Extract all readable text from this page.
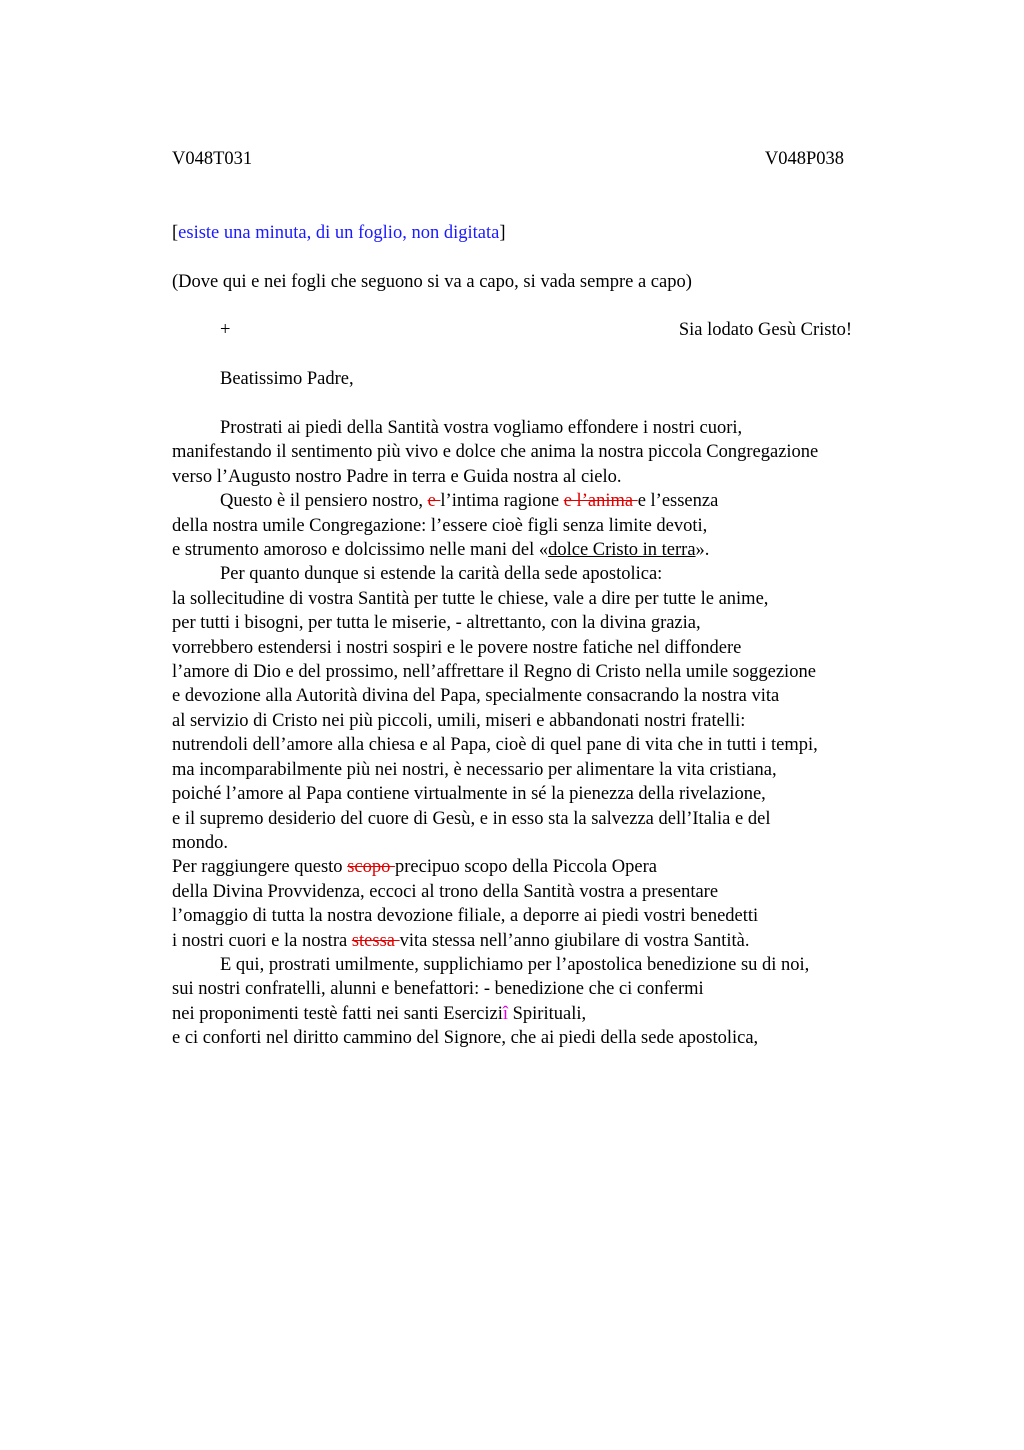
V048T031	V048P038
[esiste una minuta, di un foglio, non digitata]
(Dove qui e nei fogli che seguono si va a capo, si vada sempre a capo)
+	Sia lodato Gesù Cristo!
Beatissimo Padre,
Prostrati ai piedi della Santità vostra vogliamo effondere i nostri cuori,
manifestando il sentimento più vivo e dolce che anima la nostra piccola Congregazione
verso l’Augusto nostro Padre in terra e Guida nostra al cielo.
Questo è il pensiero nostro, e l’intima ragione e l’anima e l’essenza
della nostra umile Congregazione: l’essere cioè figli senza limite devoti,
e strumento amoroso e dolcissimo nelle mani del «dolce Cristo in terra».
Per quanto dunque si estende la carità della sede apostolica:
la sollecitudine di vostra Santità per tutte le chiese, vale a dire per tutte le anime,
per tutti i bisogni, per tutta le miserie, - altrettanto, con la divina grazia,
vorrebbero estendersi i nostri sospiri e le povere nostre fatiche nel diffondere
l’amore di Dio e del prossimo, nell’affrettare il Regno di Cristo nella umile soggezione
e devozione alla Autorità divina del Papa, specialmente consacrando la nostra vita
al servizio di Cristo nei più piccoli, umili, miseri e abbandonati nostri fratelli:
nutrendoli dell’amore alla chiesa e al Papa, cioè di quel pane di vita che in tutti i tempi,
ma incomparabilmente più nei nostri, è necessario per alimentare la vita cristiana,
poiché l’amore al Papa contiene virtualmente in sé la pienezza della rivelazione,
e il supremo desiderio del cuore di Gesù, e in esso sta la salvezza dell’Italia e del
mondo.
Per raggiungere questo scopo precipuo scopo della Piccola Opera
della Divina Provvidenza, eccoci al trono della Santità vostra a presentare
l’omaggio di tutta la nostra devozione filiale, a deporre ai piedi vostri benedetti
i nostri cuori e la nostra stessa vita stessa nell’anno giubilare di vostra Santità.
E qui, prostrati umilmente, supplichiamo per l’apostolica benedizione su di noi,
sui nostri confratelli, alunni e benefattori: - benedizione che ci confermi
nei proponimenti testè fatti nei santi Eserciziî Spirituali,
e ci conforti nel diritto cammino del Signore, che ai piedi della sede apostolica,
